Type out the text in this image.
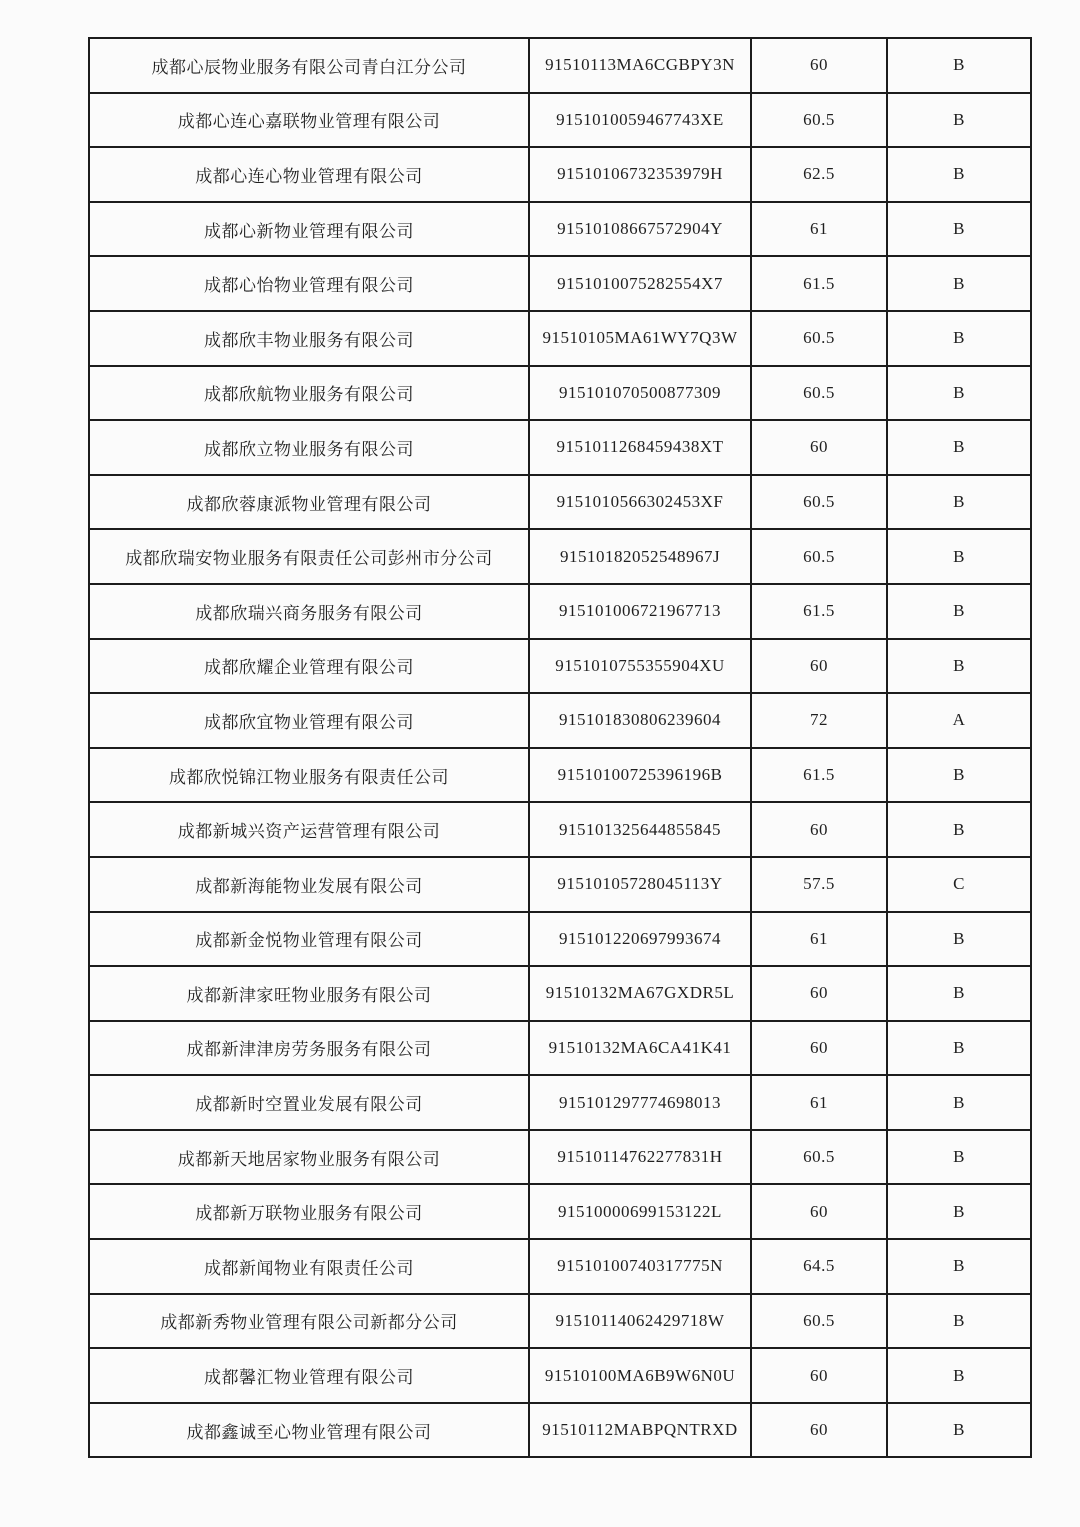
成都心辰物业服务有限公司青白江分公司	91510113MA6CGBPY3N	60	B
成都心连心嘉联物业管理有限公司	9151010059467743XE	60.5	B
成都心连心物业管理有限公司	91510106732353979H	62.5	B
成都心新物业管理有限公司	91510108667572904Y	61	B
成都心怡物业管理有限公司	9151010075282554X7	61.5	B
成都欣丰物业服务有限公司	91510105MA61WY7Q3W	60.5	B
成都欣航物业服务有限公司	915101070500877309	60.5	B
成都欣立物业服务有限公司	9151011268459438XT	60	B
成都欣蓉康派物业管理有限公司	9151010566302453XF	60.5	B
成都欣瑞安物业服务有限责任公司彭州市分公司	91510182052548967J	60.5	B
成都欣瑞兴商务服务有限公司	915101006721967713	61.5	B
成都欣耀企业管理有限公司	9151010755355904XU	60	B
成都欣宜物业管理有限公司	915101830806239604	72	A
成都欣悦锦江物业服务有限责任公司	91510100725396196B	61.5	B
成都新城兴资产运营管理有限公司	915101325644855845	60	B
成都新海能物业发展有限公司	91510105728045113Y	57.5	C
成都新金悦物业管理有限公司	915101220697993674	61	B
成都新津家旺物业服务有限公司	91510132MA67GXDR5L	60	B
成都新津津房劳务服务有限公司	91510132MA6CA41K41	60	B
成都新时空置业发展有限公司	915101297774698013	61	B
成都新天地居家物业服务有限公司	91510114762277831H	60.5	B
成都新万联物业服务有限公司	91510000699153122L	60	B
成都新闻物业有限责任公司	91510100740317775N	64.5	B
成都新秀物业管理有限公司新都分公司	91510114062429718W	60.5	B
成都馨汇物业管理有限公司	91510100MA6B9W6N0U	60	B
成都鑫诚至心物业管理有限公司	91510112MABPQNTRXD	60	B
